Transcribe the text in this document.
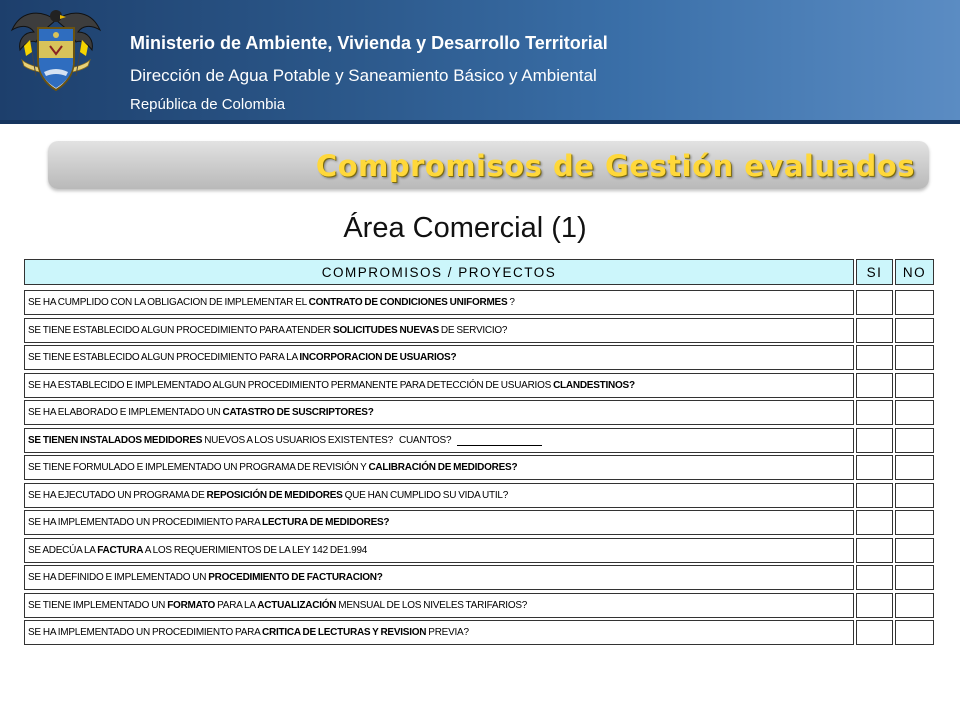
Ministerio de Ambiente, Vivienda y Desarrollo Territorial
Dirección de Agua Potable y Saneamiento Básico y Ambiental
República de Colombia
Compromisos de Gestión evaluados
Área Comercial (1)
COMPROMISOS / PROYECTOS	SI	NO
SE HA CUMPLIDO CON LA OBLIGACION DE IMPLEMENTAR EL CONTRATO DE CONDICIONES UNIFORMES ?
SE TIENE ESTABLECIDO ALGUN PROCEDIMIENTO PARA ATENDER SOLICITUDES NUEVAS DE SERVICIO?
SE TIENE ESTABLECIDO ALGUN PROCEDIMIENTO PARA LA INCORPORACION DE USUARIOS?
SE HA ESTABLECIDO E IMPLEMENTADO ALGUN PROCEDIMIENTO PERMANENTE PARA DETECCIÓN DE USUARIOS CLANDESTINOS?
SE HA ELABORADO E IMPLEMENTADO UN CATASTRO DE SUSCRIPTORES?
SE TIENEN INSTALADOS MEDIDORES NUEVOS A LOS USUARIOS EXISTENTES?   CUANTOS?
SE TIENE FORMULADO E IMPLEMENTADO UN PROGRAMA DE REVISIÓN Y CALIBRACIÓN DE MEDIDORES?
SE HA EJECUTADO UN PROGRAMA DE REPOSICIÓN DE MEDIDORES QUE HAN CUMPLIDO SU VIDA UTIL?
SE HA IMPLEMENTADO UN PROCEDIMIENTO PARA LECTURA DE MEDIDORES?
SE ADECÚA LA FACTURA A LOS REQUERIMIENTOS DE LA LEY 142 DE1.994
SE HA DEFINIDO E IMPLEMENTADO UN PROCEDIMIENTO DE FACTURACION?
SE TIENE IMPLEMENTADO UN FORMATO PARA LA ACTUALIZACIÓN MENSUAL DE LOS NIVELES TARIFARIOS?
SE HA IMPLEMENTADO UN PROCEDIMIENTO PARA CRITICA DE LECTURAS Y REVISION PREVIA?
